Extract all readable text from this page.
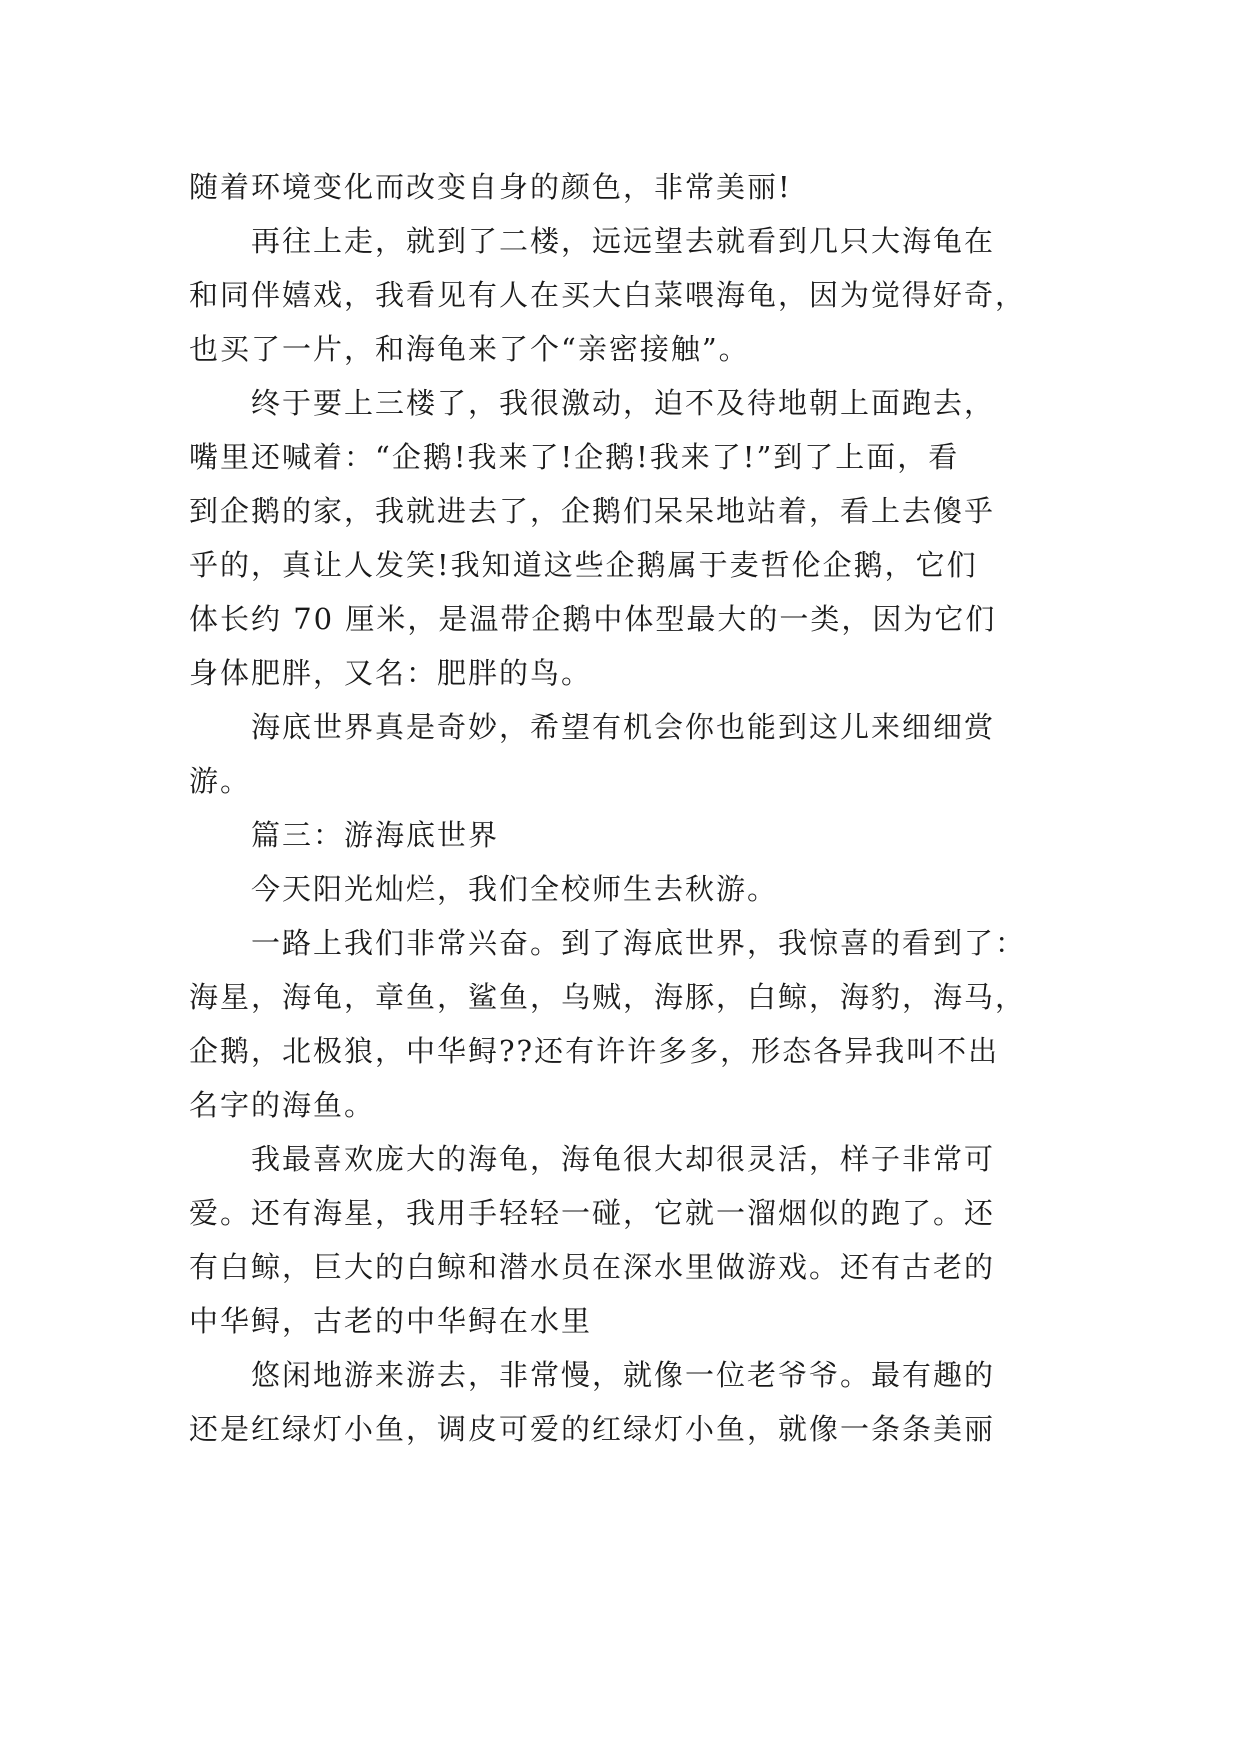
随着环境变化而改变自身的颜色，非常美丽!
再往上走，就到了二楼，远远望去就看到几只大海龟在
和同伴嬉戏，我看见有人在买大白菜喂海龟，因为觉得好奇，
也买了一片，和海龟来了个“亲密接触”。
终于要上三楼了，我很激动，迫不及待地朝上面跑去，
嘴里还喊着：“企鹅!我来了!企鹅!我来了!”到了上面，看
到企鹅的家，我就进去了，企鹅们呆呆地站着，看上去傻乎
乎的，真让人发笑!我知道这些企鹅属于麦哲伦企鹅，它们
体长约 70 厘米，是温带企鹅中体型最大的一类，因为它们
身体肥胖，又名：肥胖的鸟。
海底世界真是奇妙，希望有机会你也能到这儿来细细赏
游。
篇三：游海底世界
今天阳光灿烂，我们全校师生去秋游。
一路上我们非常兴奋。到了海底世界，我惊喜的看到了：
海星，海龟，章鱼，鲨鱼，乌贼，海豚，白鲸，海豹，海马，
企鹅，北极狼，中华鲟??还有许许多多，形态各异我叫不出
名字的海鱼。
我最喜欢庞大的海龟，海龟很大却很灵活，样子非常可
爱。还有海星，我用手轻轻一碰，它就一溜烟似的跑了。还
有白鲸，巨大的白鲸和潜水员在深水里做游戏。还有古老的
中华鲟，古老的中华鲟在水里
悠闲地游来游去，非常慢，就像一位老爷爷。最有趣的
还是红绿灯小鱼，调皮可爱的红绿灯小鱼，就像一条条美丽
